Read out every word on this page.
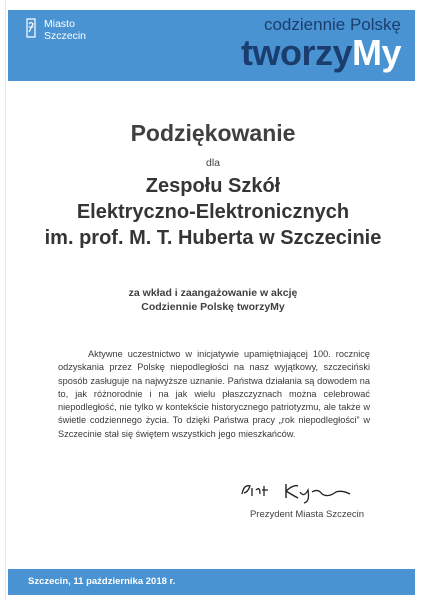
Miasto
Szczecin
codziennie Polskę
tworzyMy
Podziękowanie
dla
Zespołu Szkół
Elektryczno-Elektronicznych
im. prof. M. T. Huberta w Szczecinie
za wkład i zaangażowanie w akcję
Codziennie Polskę tworzyMy
Aktywne uczestnictwo w inicjatywie upamiętniającej 100. rocznicę odzyskania przez Polskę niepodległości na nasz wyjątkowy, szczeciński sposób zasługuje na najwyższe uznanie. Państwa działania są dowodem na to, jak różnorodnie i na jak wielu płaszczyznach można celebrować niepodległość, nie tylko w kontekście historycznego patriotyzmu, ale także w świetle codziennego życia. To dzięki Państwa pracy „rok niepodległości” w Szczecinie stał się świętem wszystkich jego mieszkańców.
Prezydent Miasta Szczecin
Szczecin, 11 października 2018 r.
